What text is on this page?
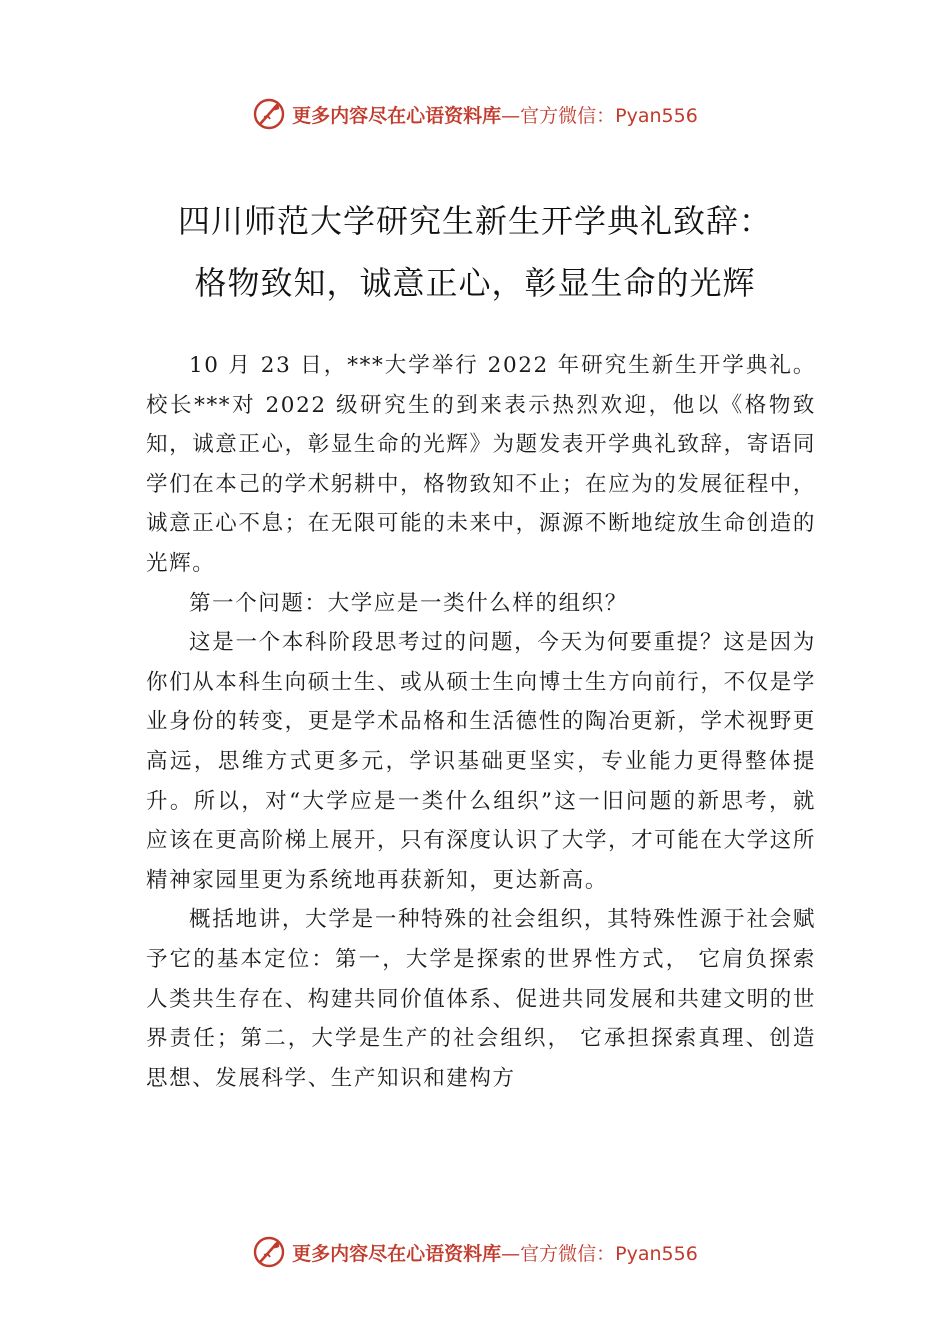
更多内容尽在心语资料库 —官方微信：Pyan556
四川师范大学研究生新生开学典礼致辞：
格物致知，诚意正心，彰显生命的光辉

10 月 23 日，***大学举行 2022 年研究生新生开学典礼。校长***对 2022 级研究生的到来表示热烈欢迎，他以《格物致知，诚意正心，彰显生命的光辉》为题发表开学典礼致辞，寄语同学们在本己的学术躬耕中，格物致知不止；在应为的发展征程中，诚意正心不息；在无限可能的未来中，源源不断地绽放生命创造的光辉。

第一个问题：大学应是一类什么样的组织？

这是一个本科阶段思考过的问题，今天为何要重提？这是因为你们从本科生向硕士生、或从硕士生向博士生方向前行，不仅是学业身份的转变，更是学术品格和生活德性的陶冶更新，学术视野更高远，思维方式更多元，学识基础更坚实，专业能力更得整体提升。所以，对“大学应是一类什么组织”这一旧问题的新思考，就应该在更高阶梯上展开，只有深度认识了大学，才可能在大学这所精神家园里更为系统地再获新知，更达新高。

概括地讲，大学是一种特殊的社会组织，其特殊性源于社会赋予它的基本定位：第一，大学是探索的世界性方式， 它肩负探索人类共生存在、构建共同价值体系、促进共同发展和共建文明的世界责任；第二，大学是生产的社会组织， 它承担探索真理、创造思想、发展科学、生产知识和建构方

更多内容尽在心语资料库 —官方微信：Pyan556
